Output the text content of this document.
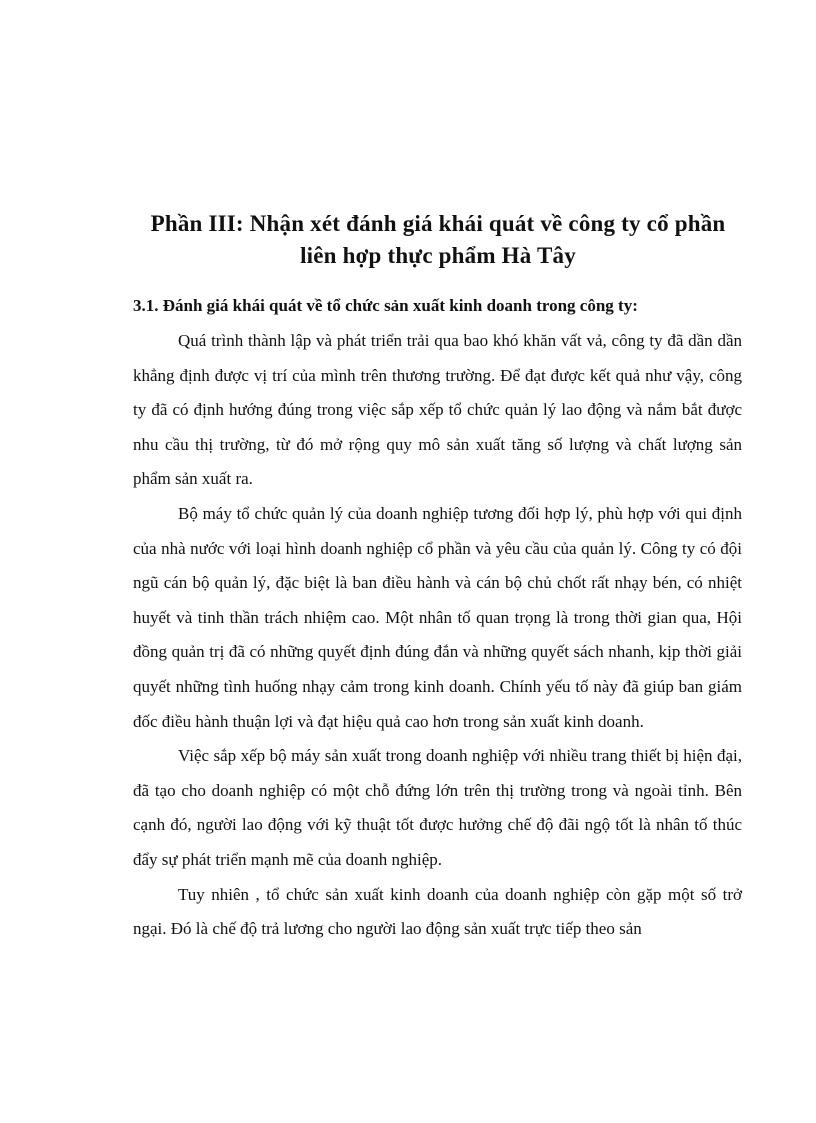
Phần III: Nhận xét đánh giá khái quát về công ty cổ phần
liên hợp thực phẩm Hà Tây
3.1. Đánh giá khái quát về tổ chức sản xuất kinh doanh trong công ty:

Quá trình thành lập và phát triển trải qua bao khó khăn vất vả, công ty đã dần dần khẳng định được vị trí của mình trên thương trường. Để đạt được kết quả như vậy, công ty đã có định hướng đúng trong việc sắp xếp tổ chức quản lý lao động và nắm bắt được nhu cầu thị trường, từ đó mở rộng quy mô sản xuất tăng số lượng và chất lượng sản phẩm sản xuất ra.

Bộ máy tổ chức quản lý của doanh nghiệp tương đối hợp lý, phù hợp với qui định của nhà nước với loại hình doanh nghiệp cổ phần và yêu cầu của quản lý. Công ty có đội ngũ cán bộ quản lý, đặc biệt là ban điều hành và cán bộ chủ chốt rất nhạy bén, có nhiệt huyết và tinh thần trách nhiệm cao. Một nhân tố quan trọng là trong thời gian qua, Hội đồng quản trị đã có những quyết định đúng đắn và những quyết sách nhanh, kịp thời giải quyết những tình huống nhạy cảm trong kinh doanh. Chính yếu tố này đã giúp ban giám đốc điều hành thuận lợi và đạt hiệu quả cao hơn trong sản xuất kinh doanh.

Việc sắp xếp bộ máy sản xuất trong doanh nghiệp với nhiều trang thiết bị hiện đại, đã tạo cho doanh nghiệp có một chỗ đứng lớn trên thị trường trong và ngoài tỉnh. Bên cạnh đó, người lao động với kỹ thuật tốt được hưởng chế độ đãi ngộ tốt là nhân tố thúc đẩy sự phát triển mạnh mẽ của doanh nghiệp.

Tuy nhiên , tổ chức sản xuất kinh doanh của doanh nghiệp còn gặp một số trở ngại. Đó là chế độ trả lương cho người lao động sản xuất trực tiếp theo sản
